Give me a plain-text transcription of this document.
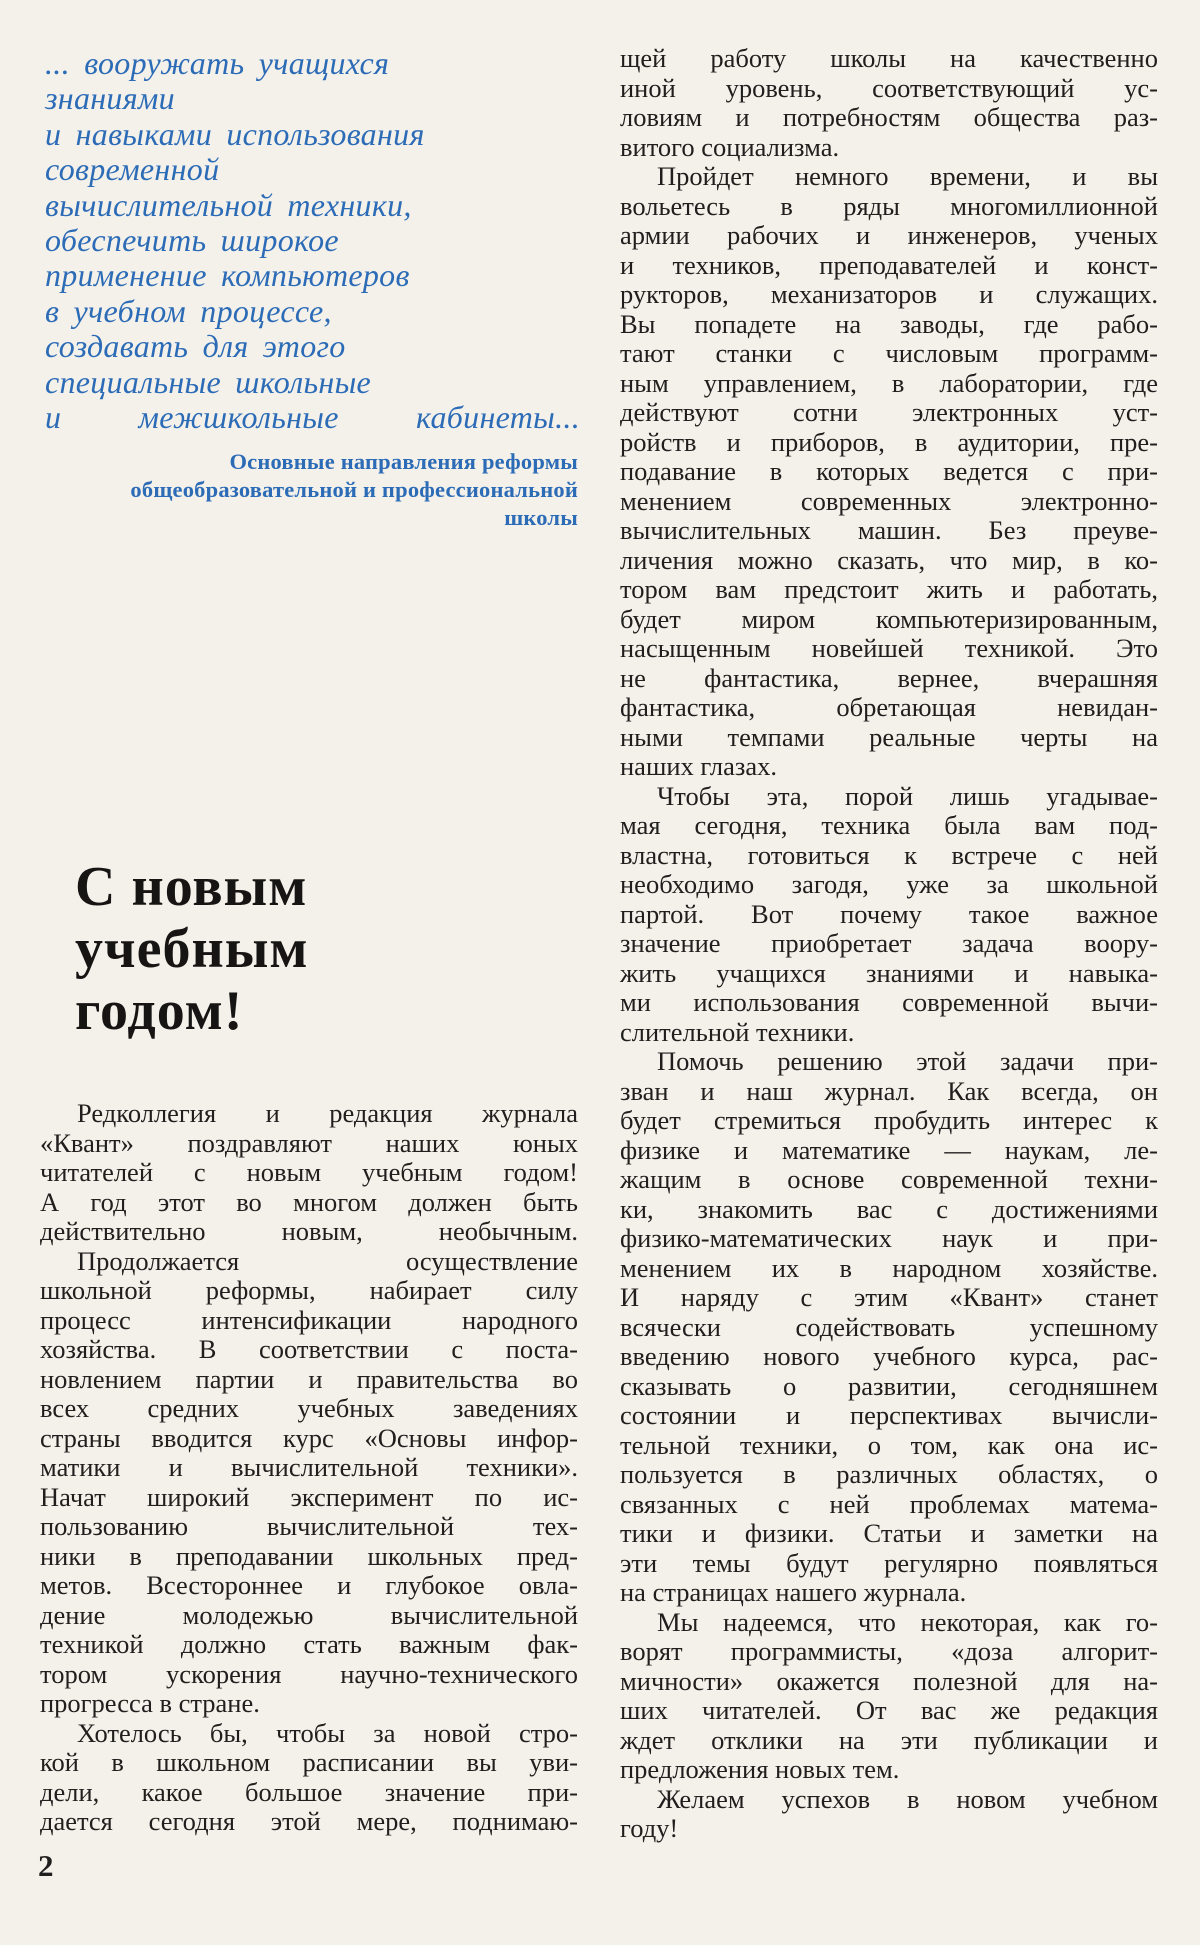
... вооружать учащихся
знаниями
и навыками использования
современной
вычислительной техники,
обеспечить широкое
применение компьютеров
в учебном процессе,
создавать для этого
специальные школьные
и межшкольные кабинеты...
Основные направления реформы
общеобразовательной и профессиональной
школы
С новым
учебным
годом!
Редколлегия и редакция журнала
«Квант» поздравляют наших юных
читателей с новым учебным годом!
А год этот во многом должен быть
действительно новым, необычным.
Продолжается осуществление
школьной реформы, набирает силу
процесс интенсификации народного
хозяйства. В соответствии с поста-
новлением партии и правительства во
всех средних учебных заведениях
страны вводится курс «Основы инфор-
матики и вычислительной техники».
Начат широкий эксперимент по ис-
пользованию вычислительной тех-
ники в преподавании школьных пред-
метов. Всестороннее и глубокое овла-
дение молодежью вычислительной
техникой должно стать важным фак-
тором ускорения научно-технического
прогресса в стране.
Хотелось бы, чтобы за новой стро-
кой в школьном расписании вы уви-
дели, какое большое значение при-
дается сегодня этой мере, поднимаю-
щей работу школы на качественно
иной уровень, соответствующий ус-
ловиям и потребностям общества раз-
витого социализма.
Пройдет немного времени, и вы
вольетесь в ряды многомиллионной
армии рабочих и инженеров, ученых
и техников, преподавателей и конст-
рукторов, механизаторов и служащих.
Вы попадете на заводы, где рабо-
тают станки с числовым программ-
ным управлением, в лаборатории, где
действуют сотни электронных уст-
ройств и приборов, в аудитории, пре-
подавание в которых ведется с при-
менением современных электронно-
вычислительных машин. Без преуве-
личения можно сказать, что мир, в ко-
тором вам предстоит жить и работать,
будет миром компьютеризированным,
насыщенным новейшей техникой. Это
не фантастика, вернее, вчерашняя
фантастика, обретающая невидан-
ными темпами реальные черты на
наших глазах.
Чтобы эта, порой лишь угадывае-
мая сегодня, техника была вам под-
властна, готовиться к встрече с ней
необходимо загодя, уже за школьной
партой. Вот почему такое важное
значение приобретает задача воору-
жить учащихся знаниями и навыка-
ми использования современной вычи-
слительной техники.
Помочь решению этой задачи при-
зван и наш журнал. Как всегда, он
будет стремиться пробудить интерес к
физике и математике — наукам, ле-
жащим в основе современной техни-
ки, знакомить вас с достижениями
физико-математических наук и при-
менением их в народном хозяйстве.
И наряду с этим «Квант» станет
всячески содействовать успешному
введению нового учебного курса, рас-
сказывать о развитии, сегодняшнем
состоянии и перспективах вычисли-
тельной техники, о том, как она ис-
пользуется в различных областях, о
связанных с ней проблемах матема-
тики и физики. Статьи и заметки на
эти темы будут регулярно появляться
на страницах нашего журнала.
Мы надеемся, что некоторая, как го-
ворят программисты, «доза алгорит-
мичности» окажется полезной для на-
ших читателей. От вас же редакция
ждет отклики на эти публикации и
предложения новых тем.
Желаем успехов в новом учебном
году!
2
